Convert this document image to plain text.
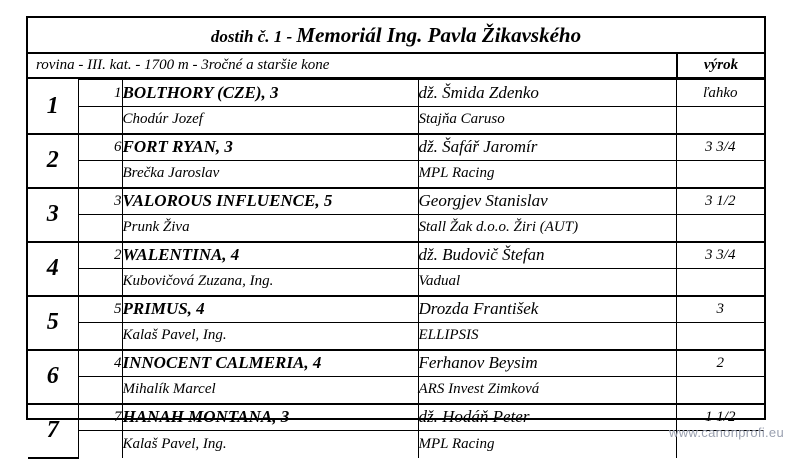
dostih č. 1 - Memoriál Ing. Pavla Žikavského
rovina - III. kat. - 1700 m - 3ročné a staršie kone	výrok
1	1	BOLTHORY (CZE), 3	dž. Šmida Zdenko	ľahko
		Chodúr Jozef	Stajňa Caruso	
2	6	FORT RYAN, 3	dž. Šafář Jaromír	3 3/4
		Brečka Jaroslav	MPL Racing	
3	3	VALOROUS INFLUENCE, 5	Georgjev Stanislav	3 1/2
		Prunk Živa	Stall Žak d.o.o. Žiri (AUT)	
4	2	WALENTINA, 4	dž. Budovič Štefan	3 3/4
		Kubovičová Zuzana, Ing.	Vadual	
5	5	PRIMUS, 4	Drozda František	3
		Kalaš Pavel, Ing.	ELLIPSIS	
6	4	INNOCENT CALMERIA, 4	Ferhanov Beysim	2
		Mihalík Marcel	ARS Invest Zimková	
7	7	HANAH MONTANA, 3	dž. Hodáň Peter	1 1/2
		Kalaš Pavel, Ing.	MPL Racing	
www.canonprofi.eu
